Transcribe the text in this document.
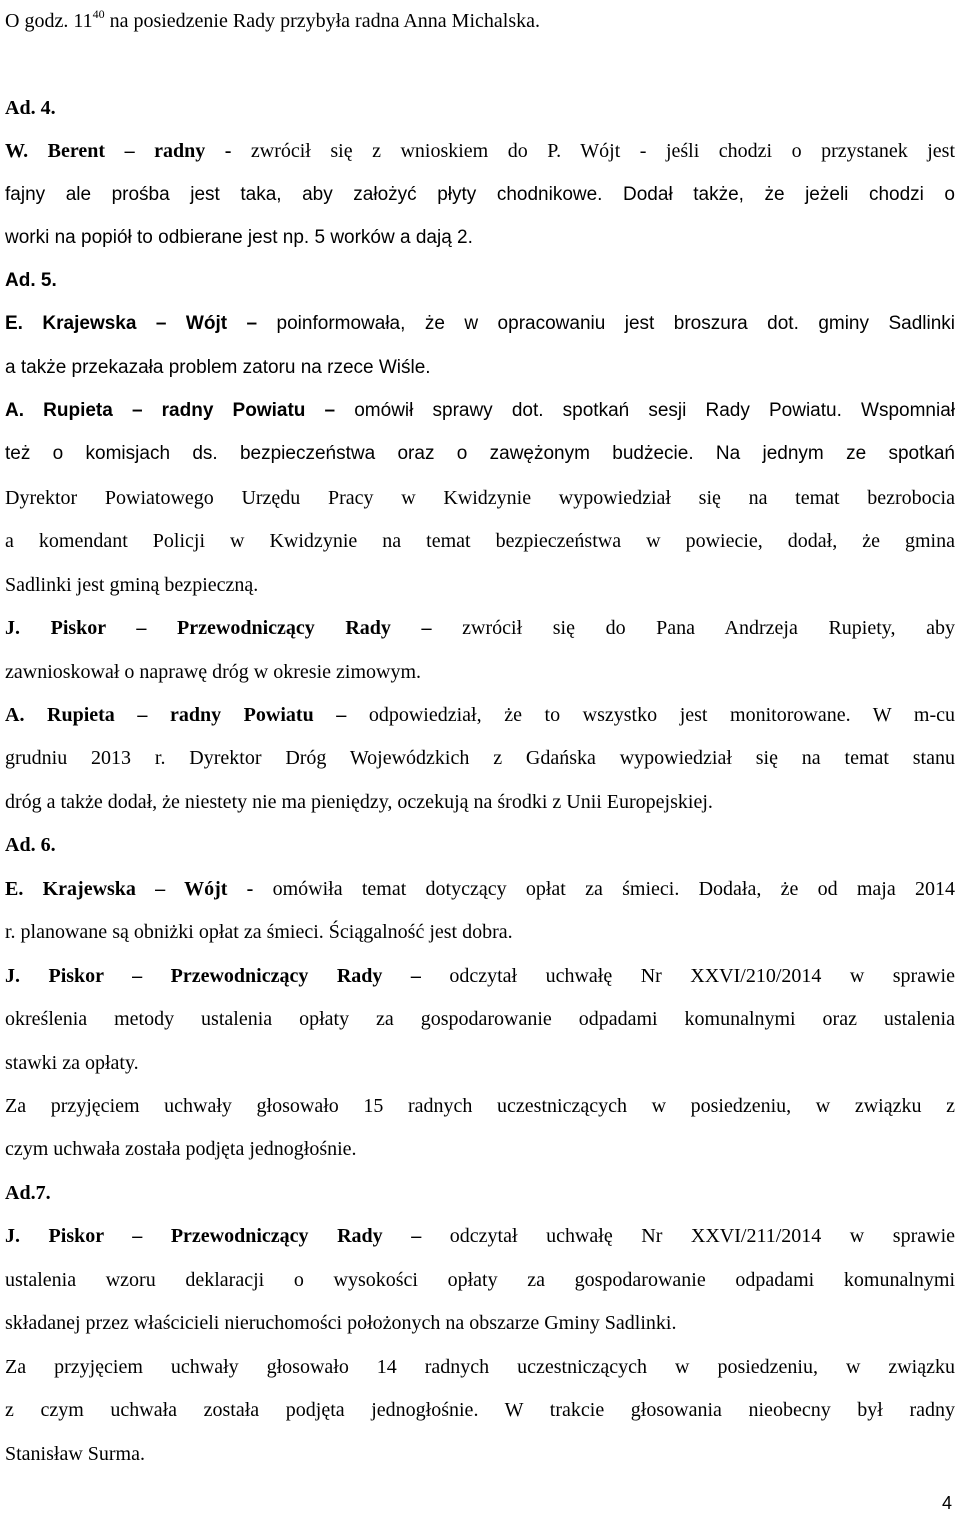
O godz. $11^{40}$ na posiedzenie Rady przybyła radna Anna Michalska.
Ad. 4.
W. Berent – radny - zwrócił się z wnioskiem do P. Wójt - jeśli chodzi o przystanek jest
fajny ale prośba jest taka, aby założyć płyty chodnikowe. Dodał także, że jeżeli chodzi o
worki na popiół to odbierane jest np. 5 worków a dają 2.
Ad. 5.
E. Krajewska – Wójt – poinformowała, że w opracowaniu jest broszura dot. gminy Sadlinki
a także przekazała problem zatoru na rzece Wiśle.
A. Rupieta – radny Powiatu – omówił sprawy dot. spotkań sesji Rady Powiatu. Wspomniał
też o komisjach ds. bezpieczeństwa oraz o zawężonym budżecie. Na jednym ze spotkań
Dyrektor Powiatowego Urzędu Pracy w Kwidzynie wypowiedział się na temat bezrobocia
a komendant Policji w Kwidzynie na temat bezpieczeństwa w powiecie, dodał, że gmina
Sadlinki jest gminą bezpieczną.
J. Piskor – Przewodniczący Rady – zwrócił się do Pana Andrzeja Rupiety, aby
zawnioskował o naprawę dróg w okresie zimowym.
A. Rupieta – radny Powiatu – odpowiedział, że to wszystko jest monitorowane. W m-cu
grudniu 2013 r. Dyrektor Dróg Wojewódzkich z Gdańska wypowiedział się na temat stanu
dróg a także dodał, że niestety nie ma pieniędzy, oczekują na środki z Unii Europejskiej.
Ad. 6.
E. Krajewska – Wójt - omówiła temat dotyczący opłat za śmieci. Dodała, że od maja 2014
r. planowane są obniżki opłat za śmieci. Ściągalność jest dobra.
J. Piskor – Przewodniczący Rady – odczytał uchwałę Nr XXVI/210/2014 w sprawie
określenia metody ustalenia opłaty za gospodarowanie odpadami komunalnymi oraz ustalenia
stawki za opłaty.
Za przyjęciem uchwały głosowało 15 radnych uczestniczących w posiedzeniu, w związku z
czym uchwała została podjęta jednogłośnie.
Ad.7.
J. Piskor – Przewodniczący Rady – odczytał uchwałę Nr XXVI/211/2014 w sprawie
ustalenia wzoru deklaracji o wysokości opłaty za gospodarowanie odpadami komunalnymi
składanej przez właścicieli nieruchomości położonych na obszarze Gminy Sadlinki.
Za przyjęciem uchwały głosowało 14 radnych uczestniczących w posiedzeniu, w związku
z czym uchwała została podjęta jednogłośnie. W trakcie głosowania nieobecny był radny
Stanisław Surma.
4
